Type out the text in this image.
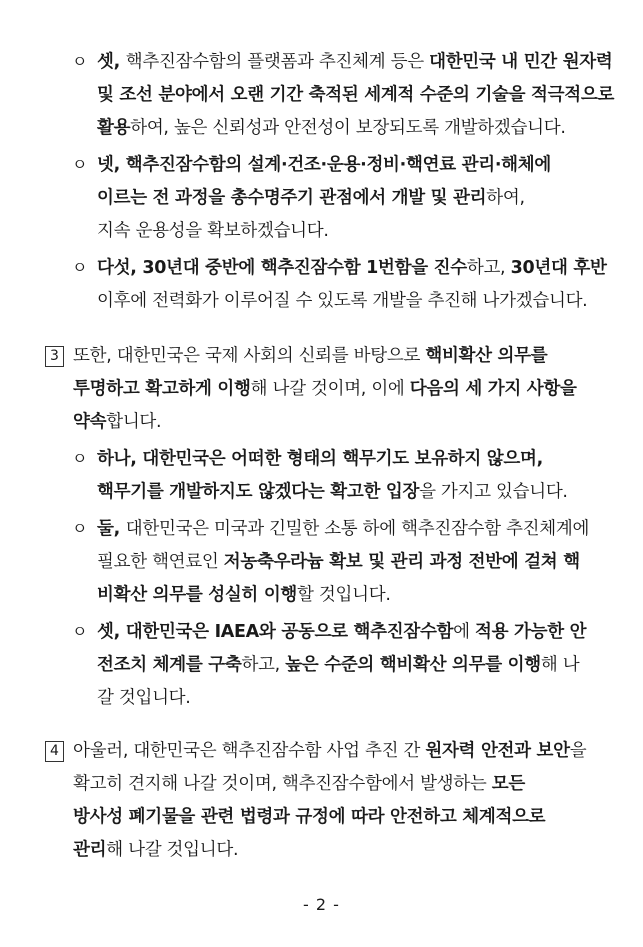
ㅇ 셋, 핵추진잠수함의 플랫폼과 추진체계 등은 대한민국 내 민간 원자력
및 조선 분야에서 오랜 기간 축적된 세계적 수준의 기술을 적극적으로
활용하여, 높은 신뢰성과 안전성이 보장되도록 개발하겠습니다.
ㅇ 넷, 핵추진잠수함의 설계·건조·운용·정비·핵연료 관리·해체에
이르는 전 과정을 총수명주기 관점에서 개발 및 관리하여,
지속 운용성을 확보하겠습니다.
ㅇ 다섯, 30년대 중반에 핵추진잠수함 1번함을 진수하고, 30년대 후반
이후에 전력화가 이루어질 수 있도록 개발을 추진해 나가겠습니다.
3 또한, 대한민국은 국제 사회의 신뢰를 바탕으로 핵비확산 의무를
투명하고 확고하게 이행해 나갈 것이며, 이에 다음의 세 가지 사항을
약속합니다.
ㅇ 하나, 대한민국은 어떠한 형태의 핵무기도 보유하지 않으며,
핵무기를 개발하지도 않겠다는 확고한 입장을 가지고 있습니다.
ㅇ 둘, 대한민국은 미국과 긴밀한 소통 하에 핵추진잠수함 추진체계에
필요한 핵연료인 저농축우라늄 확보 및 관리 과정 전반에 걸쳐 핵
비확산 의무를 성실히 이행할 것입니다.
ㅇ 셋, 대한민국은 IAEA와 공동으로 핵추진잠수함에 적용 가능한 안
전조치 체계를 구축하고, 높은 수준의 핵비확산 의무를 이행해 나
갈 것입니다.
4 아울러, 대한민국은 핵추진잠수함 사업 추진 간 원자력 안전과 보안을
확고히 견지해 나갈 것이며, 핵추진잠수함에서 발생하는 모든
방사성 폐기물을 관련 법령과 규정에 따라 안전하고 체계적으로
관리해 나갈 것입니다.
- 2 -
